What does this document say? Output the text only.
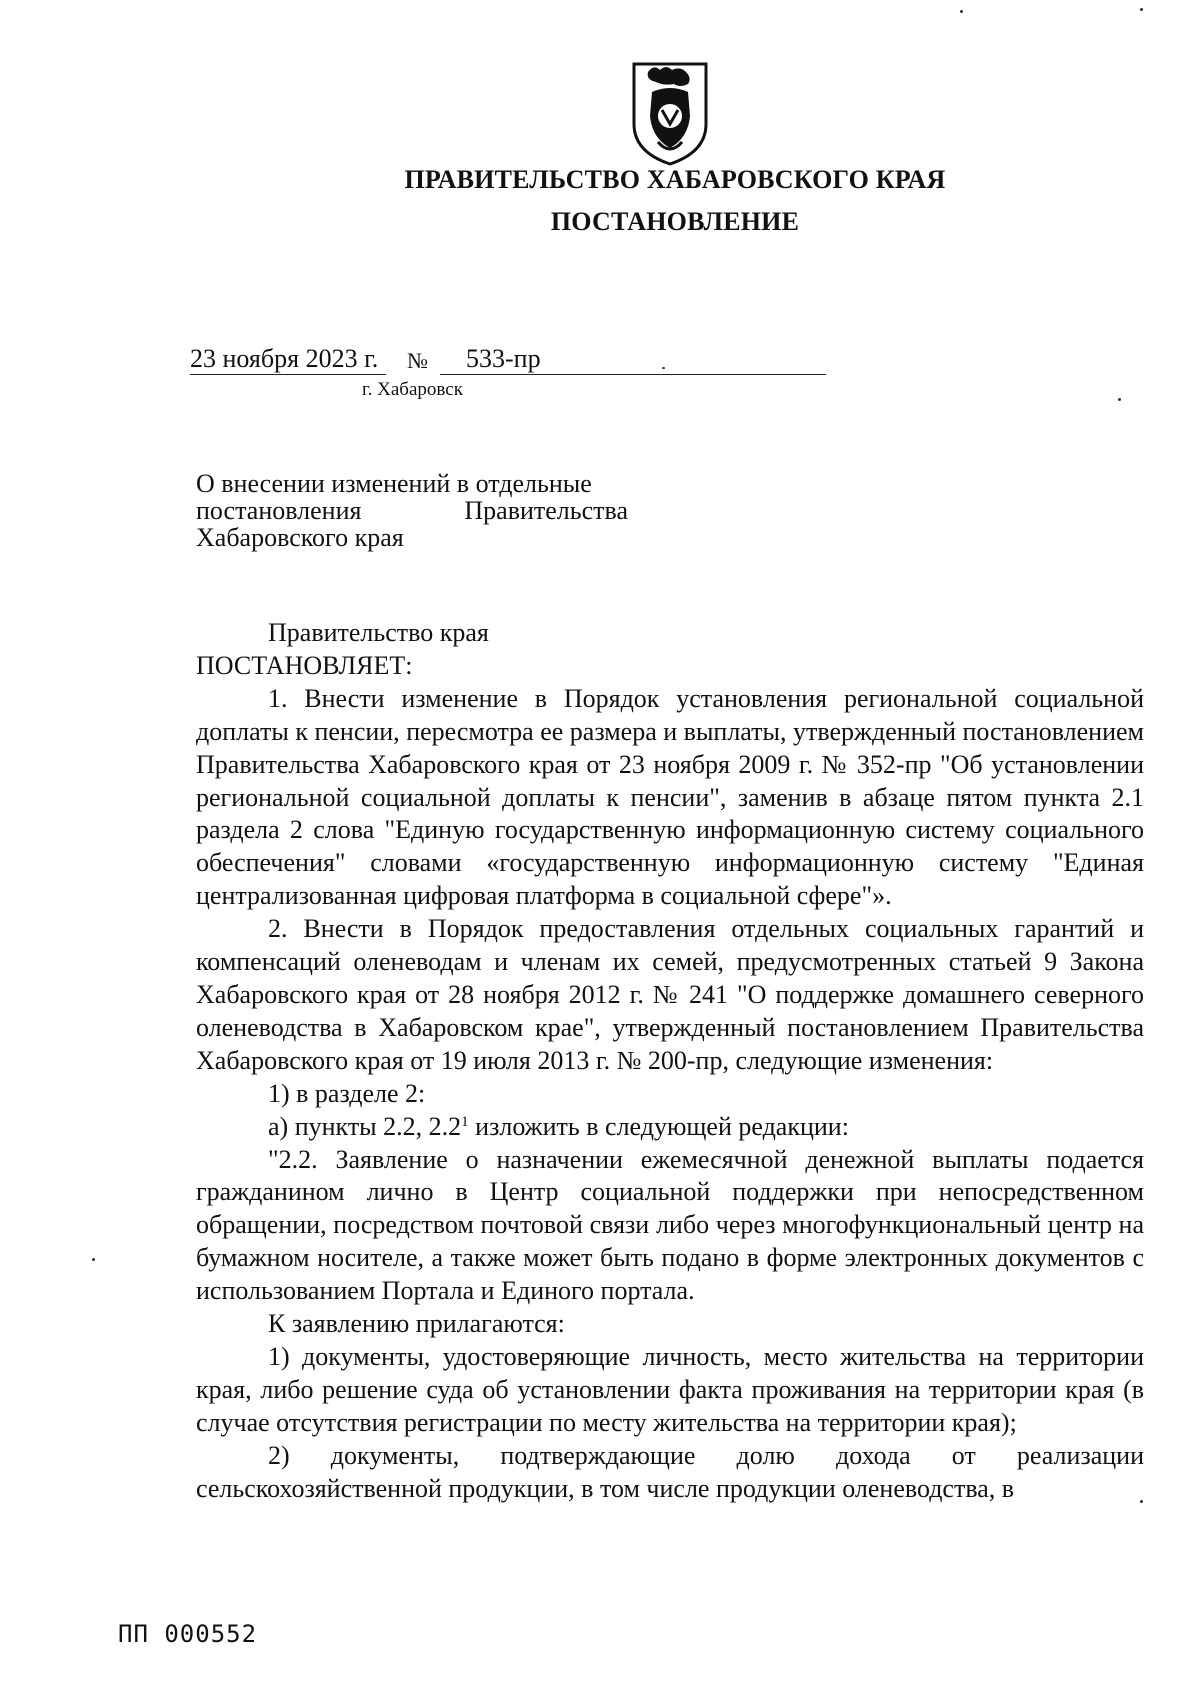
ПРАВИТЕЛЬСТВО ХАБАРОВСКОГО КРАЯ
ПОСТАНОВЛЕНИЕ
23 ноября 2023 г.	№	533-пр
г. Хабаровск
О внесении изменений в отдельные
постановления Правительства
Хабаровского края

Правительство края

ПОСТАНОВЛЯЕТ:

1. Внести изменение в Порядок установления региональной социальной доплаты к пенсии, пересмотра ее размера и выплаты, утвержденный постановлением Правительства Хабаровского края от 23 ноября 2009 г. № 352-пр "Об установлении региональной социальной доплаты к пенсии", заменив в абзаце пятом пункта 2.1 раздела 2 слова "Единую государственную информационную систему социального обеспечения" словами «государственную информационную систему "Единая централизованная цифровая платформа в социальной сфере"».

2. Внести в Порядок предоставления отдельных социальных гарантий и компенсаций оленеводам и членам их семей, предусмотренных статьей 9 Закона Хабаровского края от 28 ноября 2012 г. № 241 "О поддержке домашнего северного оленеводства в Хабаровском крае", утвержденный постановлением Правительства Хабаровского края от 19 июля 2013 г. № 200-пр, следующие изменения:

1) в разделе 2:

а) пункты 2.2, $2.2^1$ изложить в следующей редакции:

"2.2. Заявление о назначении ежемесячной денежной выплаты подается гражданином лично в Центр социальной поддержки при непосредственном обращении, посредством почтовой связи либо через многофункциональный центр на бумажном носителе, а также может быть подано в форме электронных документов с использованием Портала и Единого портала.

К заявлению прилагаются:

1) документы, удостоверяющие личность, место жительства на территории края, либо решение суда об установлении факта проживания на территории края (в случае отсутствия регистрации по месту жительства на территории края);

2) документы, подтверждающие долю дохода от реализации сельскохозяйственной продукции, в том числе продукции оленеводства, в

ПП 000552
